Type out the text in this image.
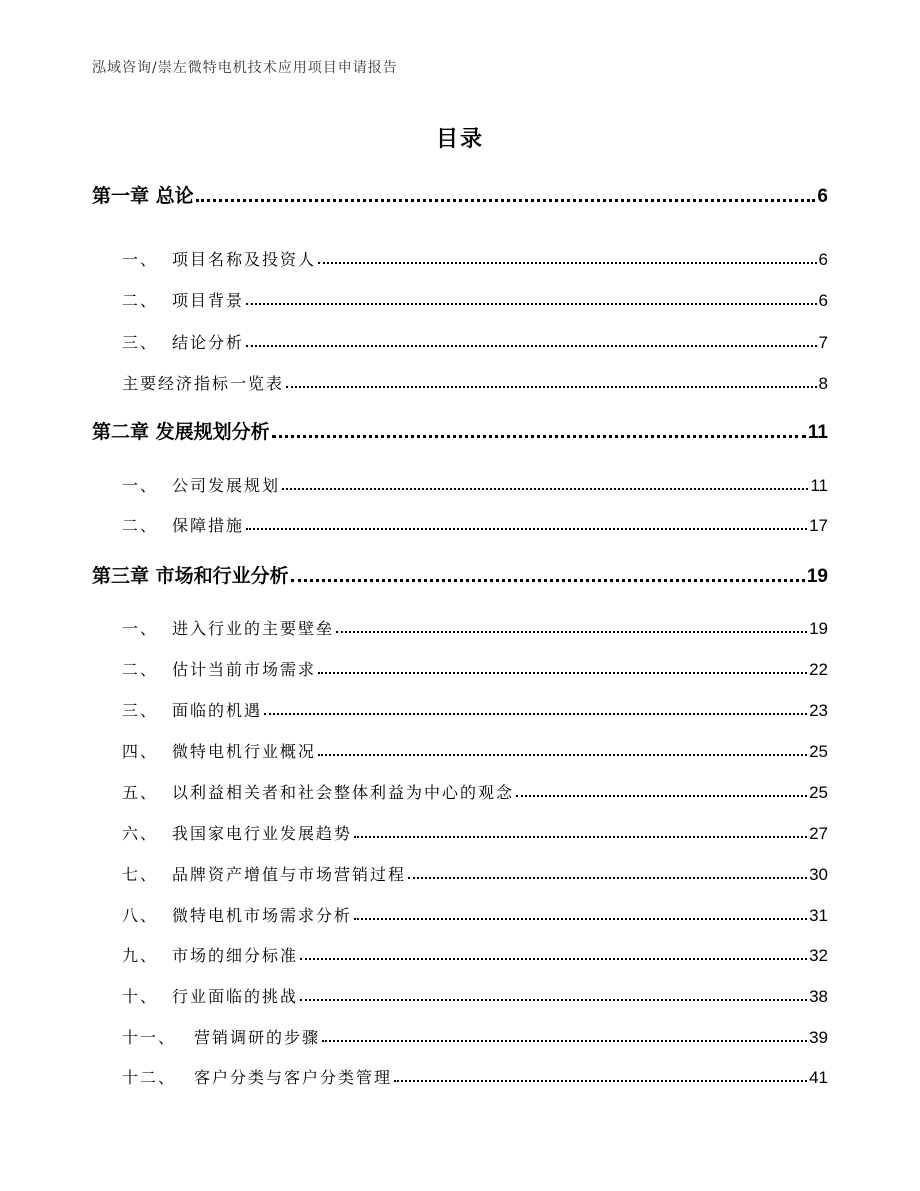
泓域咨询/崇左微特电机技术应用项目申请报告
目录
第一章 总论	6
一、 项目名称及投资人	6
二、 项目背景	6
三、 结论分析	7
主要经济指标一览表	8
第二章 发展规划分析	11
一、 公司发展规划	11
二、 保障措施	17
第三章 市场和行业分析	19
一、 进入行业的主要壁垒	19
二、 估计当前市场需求	22
三、 面临的机遇	23
四、 微特电机行业概况	25
五、 以利益相关者和社会整体利益为中心的观念	25
六、 我国家电行业发展趋势	27
七、 品牌资产增值与市场营销过程	30
八、 微特电机市场需求分析	31
九、 市场的细分标准	32
十、 行业面临的挑战	38
十一、 营销调研的步骤	39
十二、 客户分类与客户分类管理	41
